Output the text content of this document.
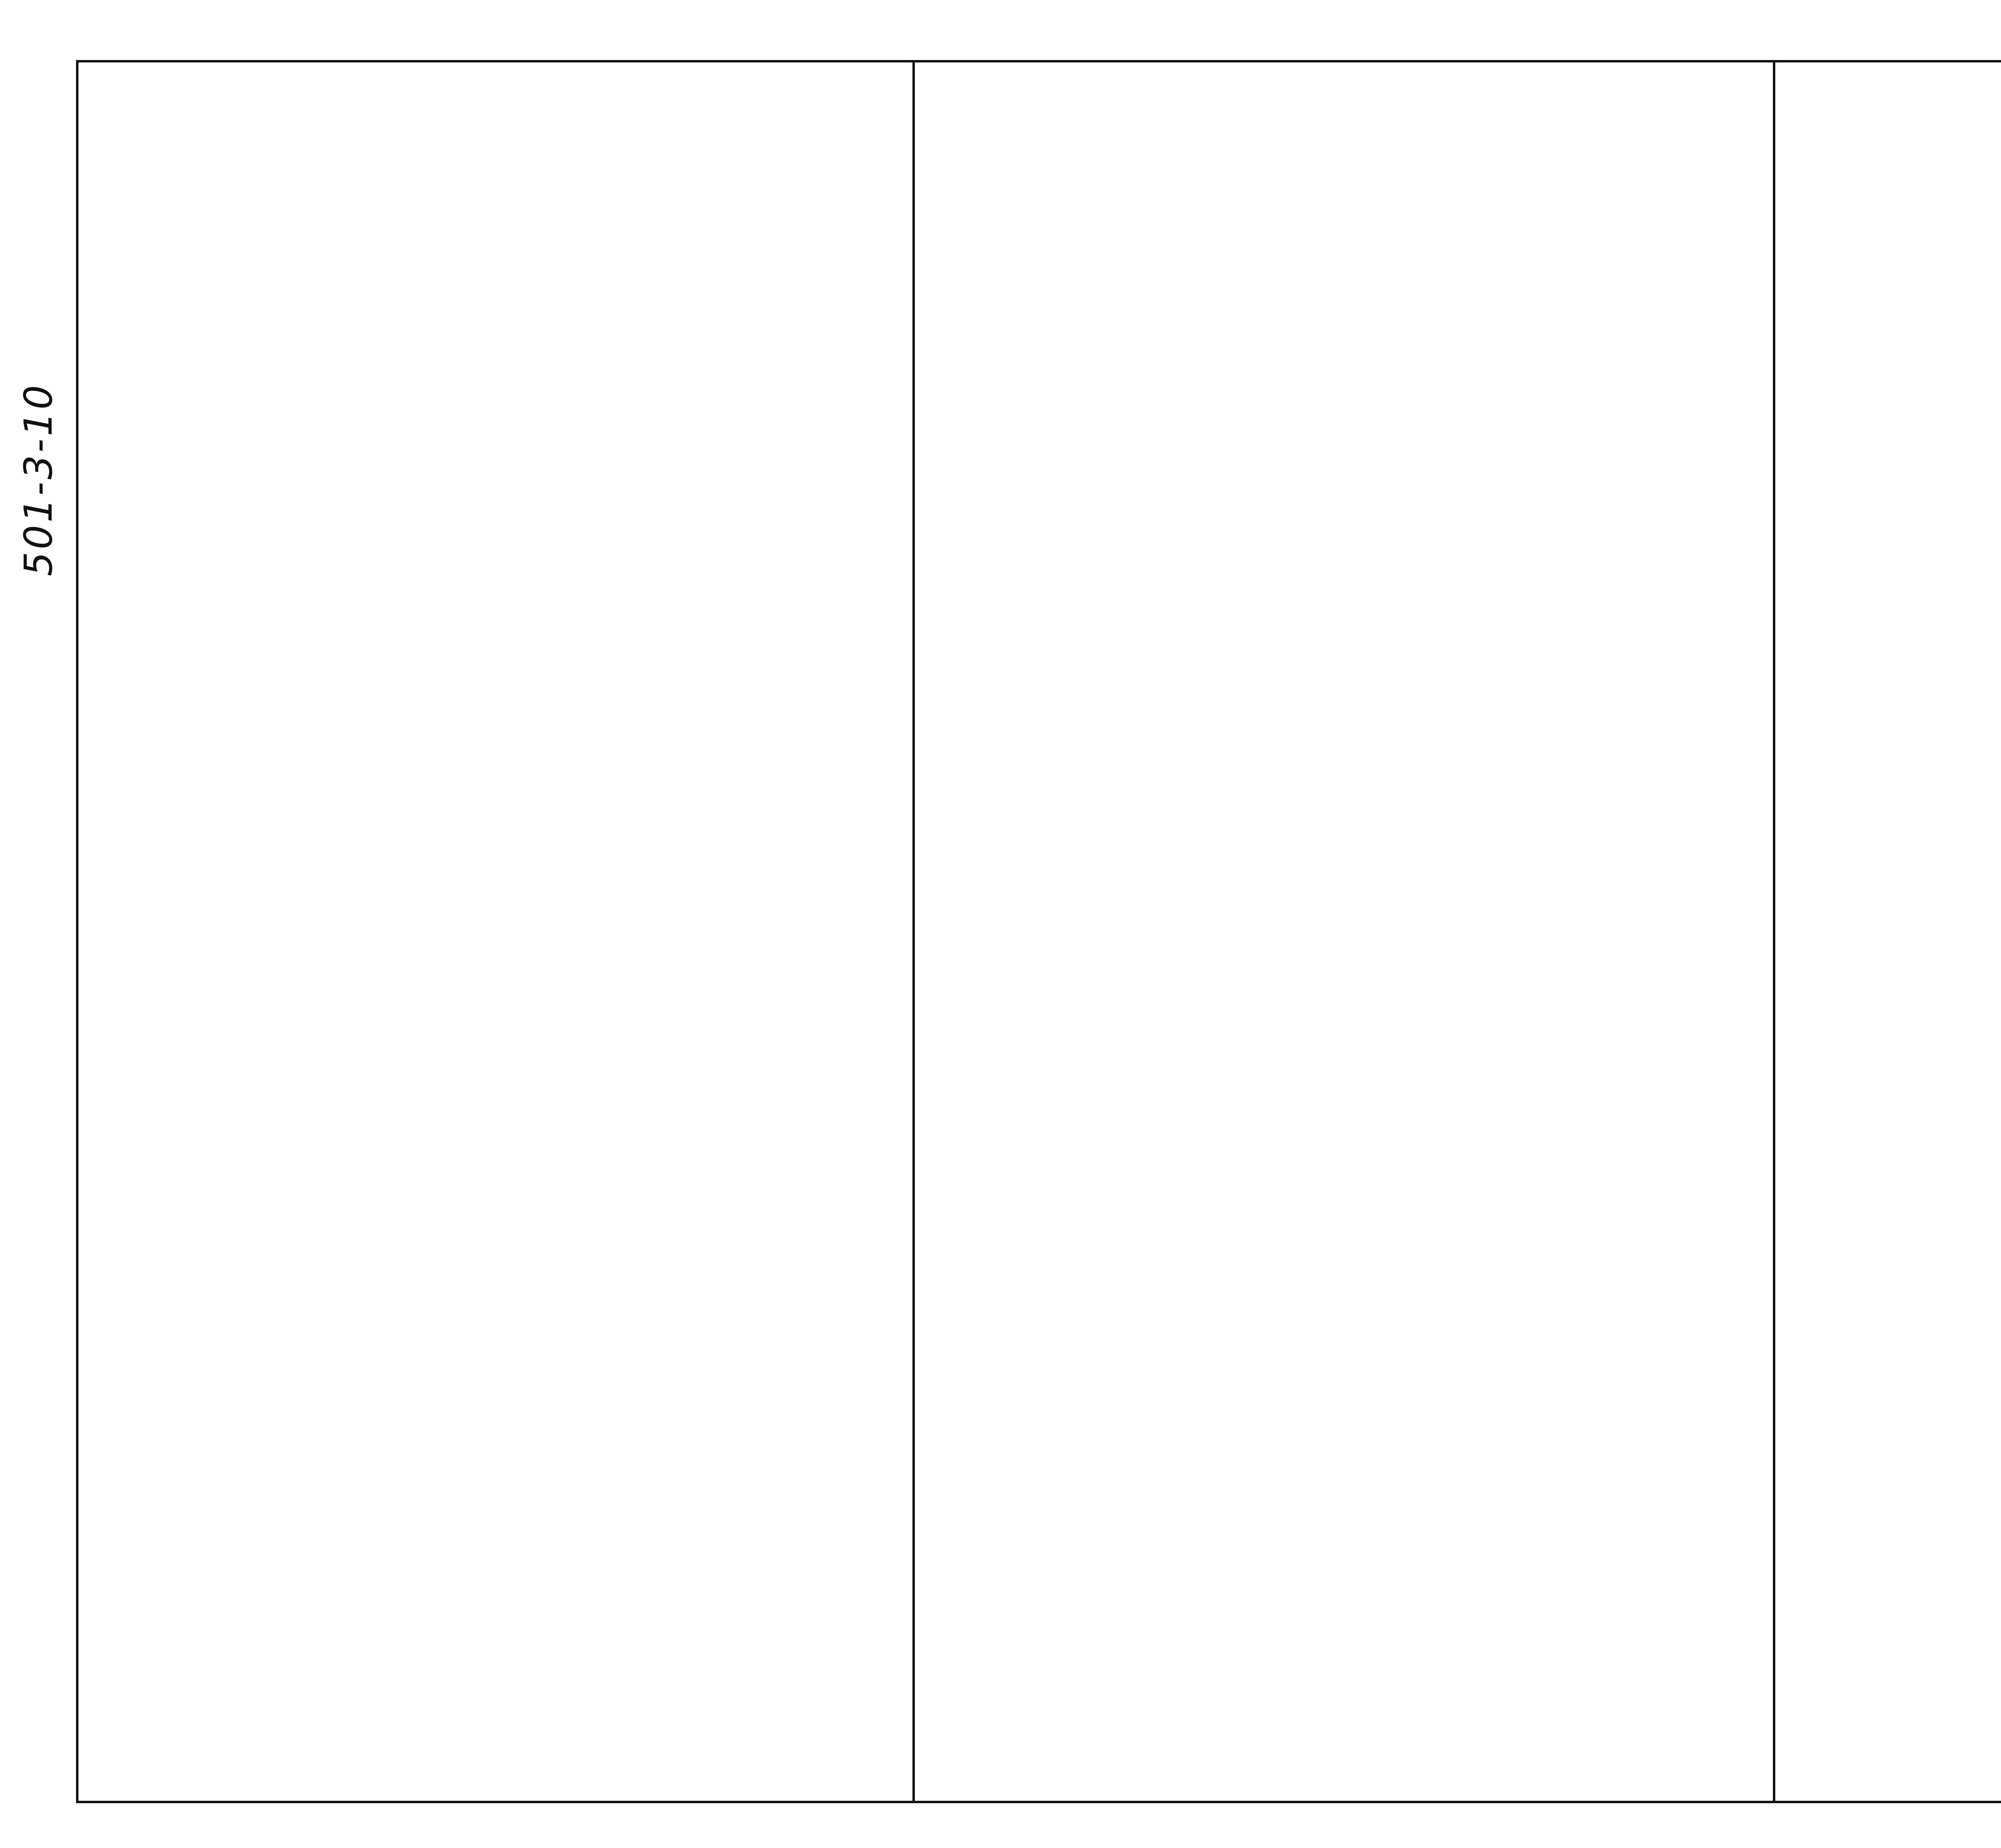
501-3-10
